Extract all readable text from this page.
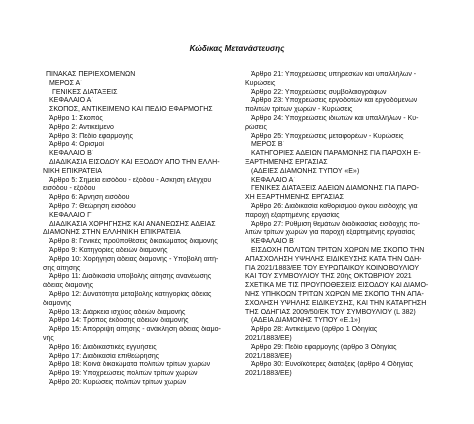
Κώδικας Μετανάστευσης
ΠΙΝΑΚΑΣ ΠΕΡΙΕΧΟΜΕΝΩΝ
ΜΕΡΟΣ Α΄
ΓΕΝΙΚΕΣ ΔΙΑΤΑΞΕΙΣ
ΚΕΦΑΛΑΙΟ Α΄
ΣΚΟΠΟΣ, ΑΝΤΙΚΕΙΜΕΝΟ ΚΑΙ ΠΕΔΙΟ ΕΦΑΡΜΟΓΗΣ
Άρθρο 1: Σκοπός
Άρθρο 2: Αντικείμενο
Άρθρο 3: Πεδίο εφαρμογής
Άρθρο 4: Ορισμοί
ΚΕΦΑΛΑΙΟ Β΄
ΔΙΑΔΙΚΑΣΙΑ ΕΙΣΟΔΟΥ ΚΑΙ ΕΞΟΔΟΥ ΑΠΟ ΤΗΝ ΕΛΛΗ-
ΝΙΚΗ ΕΠΙΚΡΑΤΕΙΑ
Άρθρο 5: Σημεία εισόδου - εξόδου - Ασκηση ελέγχου
εισόδου - εξόδου
Άρθρο 6: Άρνηση εισόδου
Άρθρο 7: Θεώρηση εισόδου
ΚΕΦΑΛΑΙΟ Γ΄
ΔΙΑΔΙΚΑΣΙΑ ΧΟΡΗΓΗΣΗΣ ΚΑΙ ΑΝΑΝΕΩΣΗΣ ΑΔΕΙΑΣ
ΔΙΑΜΟΝΗΣ ΣΤΗΝ ΕΛΛΗΝΙΚΗ ΕΠΙΚΡΑΤΕΙΑ
Άρθρο 8: Γενικές προϋποθέσεις δικαιώματος διαμονής
Άρθρο 9: Κατηγορίες αδειών διαμονής
Άρθρο 10: Χορήγηση άδειας διαμονής - Υποβολή αιτή-
σης αίτησης
Άρθρο 11: Διαδικασία υποβολής αίτησης ανανέωσης
άδειας διαμονής
Άρθρο 12: Δυνατότητα μεταβολής κατηγορίας άδειας
διαμονής
Άρθρο 13: Διάρκεια ισχύος αδειών διαμονής
Άρθρο 14: Τρόπος έκδοσης αδειών διαμονής
Άρθρο 15: Απόρριψη αίτησης - ανάκληση άδειας διαμο-
νής
Άρθρο 16: Διαδικαστικές εγγυήσεις
Άρθρο 17: Διαδικασία επιθεώρησης
Άρθρο 18: Κοινά δικαιώματα πολιτών τρίτων χωρών
Άρθρο 19: Υποχρεώσεις πολιτών τρίτων χωρών
Άρθρο 20: Κυρώσεις πολιτών τρίτων χωρών
Άρθρο 21: Υποχρεώσεις υπηρεσιών και υπαλλήλων -
Κυρώσεις
Άρθρο 22: Υποχρεώσεις συμβολαιογράφων
Άρθρο 23: Υποχρεώσεις εργοδοτών και εργοδόμενων
πολιτών τρίτων χωρών - Κυρώσεις
Άρθρο 24: Υποχρεώσεις ιδιωτών και υπαλλήλων - Κυ-
ρώσεις
Άρθρο 25: Υποχρεώσεις μεταφορέων - Κυρώσεις
ΜΕΡΟΣ Β΄
ΚΑΤΗΓΟΡΙΕΣ ΑΔΕΙΩΝ ΠΑΡΑΜΟΝΗΣ ΓΙΑ ΠΑΡΟΧΗ Ε-
ΞΑΡΤΗΜΕΝΗΣ ΕΡΓΑΣΙΑΣ
(ΑΔΕΙΕΣ ΔΙΑΜΟΝΗΣ ΤΥΠΟΥ «Ε»)
ΚΕΦΑΛΑΙΟ Α΄
ΓΕΝΙΚΕΣ ΔΙΑΤΑΞΕΙΣ ΑΔΕΙΩΝ ΔΙΑΜΟΝΗΣ ΓΙΑ ΠΑΡΟ-
ΧΗ ΕΞΑΡΤΗΜΕΝΗΣ ΕΡΓΑΣΙΑΣ
Άρθρο 26: Διαδικασία καθορισμού όγκου εισδοχής για
παροχή εξαρτημένης εργασίας
Άρθρο 27: Ρύθμιση θεμάτων διαδικασίας εισδοχής πο-
λιτών τρίτων χωρών για παροχή εξαρτημένης εργασίας
ΚΕΦΑΛΑΙΟ Β΄
ΕΙΣΔΟΧΗ ΠΟΛΙΤΩΝ ΤΡΙΤΩΝ ΧΩΡΩΝ ΜΕ ΣΚΟΠΟ ΤΗΝ
ΑΠΑΣΧΟΛΗΣΗ ΥΨΗΛΗΣ ΕΙΔΙΚΕΥΣΗΣ ΚΑΤΑ ΤΗΝ ΟΔΗ-
ΓΙΑ 2021/1883/ΕΕ ΤΟΥ ΕΥΡΩΠΑΪΚΟΥ ΚΟΙΝΟΒΟΥΛΙΟΥ
ΚΑΙ ΤΟΥ ΣΥΜΒΟΥΛΙΟΥ ΤΗΣ 20ής ΟΚΤΩΒΡΙΟΥ 2021
ΣΧΕΤΙΚΑ ΜΕ ΤΙΣ ΠΡΟΫΠΟΘΕΣΕΙΣ ΕΙΣΟΔΟΥ ΚΑΙ ΔΙΑΜΟ-
ΝΗΣ ΥΠΗΚΟΩΝ ΤΡΙΤΩΝ ΧΩΡΩΝ ΜΕ ΣΚΟΠΟ ΤΗΝ ΑΠΑ-
ΣΧΟΛΗΣΗ ΥΨΗΛΗΣ ΕΙΔΙΚΕΥΣΗΣ, ΚΑΙ ΤΗΝ ΚΑΤΑΡΓΗΣΗ
ΤΗΣ ΟΔΗΓΙΑΣ 2009/50/ΕΚ ΤΟΥ ΣΥΜΒΟΥΛΙΟΥ (L 382)
(ΑΔΕΙΑ ΔΙΑΜΟΝΗΣ ΤΥΠΟΥ «Ε.1»)
Άρθρο 28: Αντικείμενο (άρθρο 1 Οδηγίας
2021/1883/ΕΕ)
Άρθρο 29: Πεδίο εφαρμογής (άρθρο 3 Οδηγίας
2021/1883/ΕΕ)
Άρθρο 30: Ευνοϊκότερες διατάξεις (άρθρο 4 Οδηγίας
2021/1883/ΕΕ)
